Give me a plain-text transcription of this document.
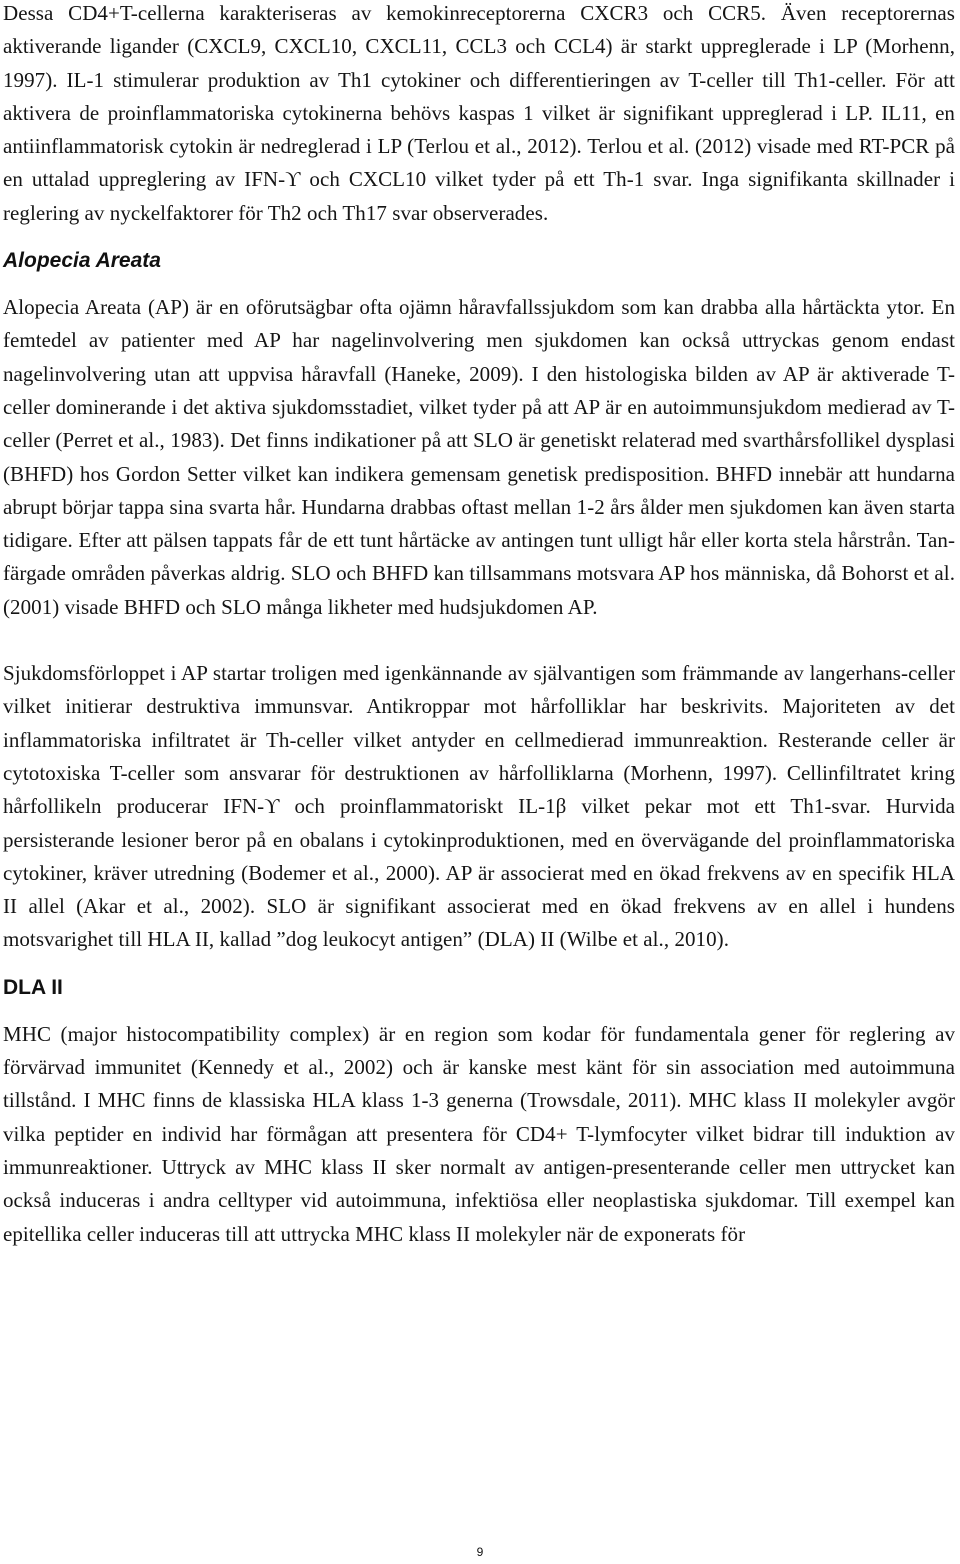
Dessa CD4+T-cellerna karakteriseras av kemokinreceptorerna CXCR3 och CCR5. Även receptorernas aktiverande ligander (CXCL9, CXCL10, CXCL11, CCL3 och CCL4) är starkt uppreglerade i LP (Morhenn, 1997). IL-1 stimulerar produktion av Th1 cytokiner och differentieringen av T-celler till Th1-celler. För att aktivera de proinflammatoriska cytokinerna behövs kaspas 1 vilket är signifikant uppreglerad i LP. IL11, en antiinflammatorisk cytokin är nedreglerad i LP (Terlou et al., 2012). Terlou et al. (2012) visade med RT-PCR på en uttalad uppreglering av IFN-ϒ och CXCL10 vilket tyder på ett Th-1 svar. Inga signifikanta skillnader i reglering av nyckelfaktorer för Th2 och Th17 svar observerades.

Alopecia Areata

Alopecia Areata (AP) är en oförutsägbar ofta ojämn håravfallssjukdom som kan drabba alla hårtäckta ytor. En femtedel av patienter med AP har nagelinvolvering men sjukdomen kan också uttryckas genom endast nagelinvolvering utan att uppvisa håravfall (Haneke, 2009). I den histologiska bilden av AP är aktiverade T-celler dominerande i det aktiva sjukdomsstadiet, vilket tyder på att AP är en autoimmunsjukdom medierad av T-celler (Perret et al., 1983). Det finns indikationer på att SLO är genetiskt relaterad med svarthårsfollikel dysplasi (BHFD) hos Gordon Setter vilket kan indikera gemensam genetisk predisposition. BHFD innebär att hundarna abrupt börjar tappa sina svarta hår. Hundarna drabbas oftast mellan 1-2 års ålder men sjukdomen kan även starta tidigare. Efter att pälsen tappats får de ett tunt hårtäcke av antingen tunt ulligt hår eller korta stela hårstrån. Tan-färgade områden påverkas aldrig. SLO och BHFD kan tillsammans motsvara AP hos människa, då Bohorst et al. (2001) visade BHFD och SLO många likheter med hudsjukdomen AP.

Sjukdomsförloppet i AP startar troligen med igenkännande av självantigen som främmande av langerhans-celler vilket initierar destruktiva immunsvar. Antikroppar mot hårfolliklar har beskrivits. Majoriteten av det inflammatoriska infiltratet är Th-celler vilket antyder en cellmedierad immunreaktion. Resterande celler är cytotoxiska T-celler som ansvarar för destruktionen av hårfolliklarna (Morhenn, 1997). Cellinfiltratet kring hårfollikeln producerar IFN-ϒ och proinflammatoriskt IL-1β vilket pekar mot ett Th1-svar. Hurvida persisterande lesioner beror på en obalans i cytokinproduktionen, med en övervägande del proinflammatoriska cytokiner, kräver utredning (Bodemer et al., 2000). AP är associerat med en ökad frekvens av en specifik HLA II allel (Akar et al., 2002). SLO är signifikant associerat med en ökad frekvens av en allel i hundens motsvarighet till HLA II, kallad ”dog leukocyt antigen” (DLA) II (Wilbe et al., 2010).

DLA II

MHC (major histocompatibility complex) är en region som kodar för fundamentala gener för reglering av förvärvad immunitet (Kennedy et al., 2002) och är kanske mest känt för sin association med autoimmuna tillstånd. I MHC finns de klassiska HLA klass 1-3 generna (Trowsdale, 2011). MHC klass II molekyler avgör vilka peptider en individ har förmågan att presentera för CD4+ T-lymfocyter vilket bidrar till induktion av immunreaktioner. Uttryck av MHC klass II sker normalt av antigen-presenterande celler men uttrycket kan också induceras i andra celltyper vid autoimmuna, infektiösa eller neoplastiska sjukdomar. Till exempel kan epitellika celler induceras till att uttrycka MHC klass II molekyler när de exponerats för

9
